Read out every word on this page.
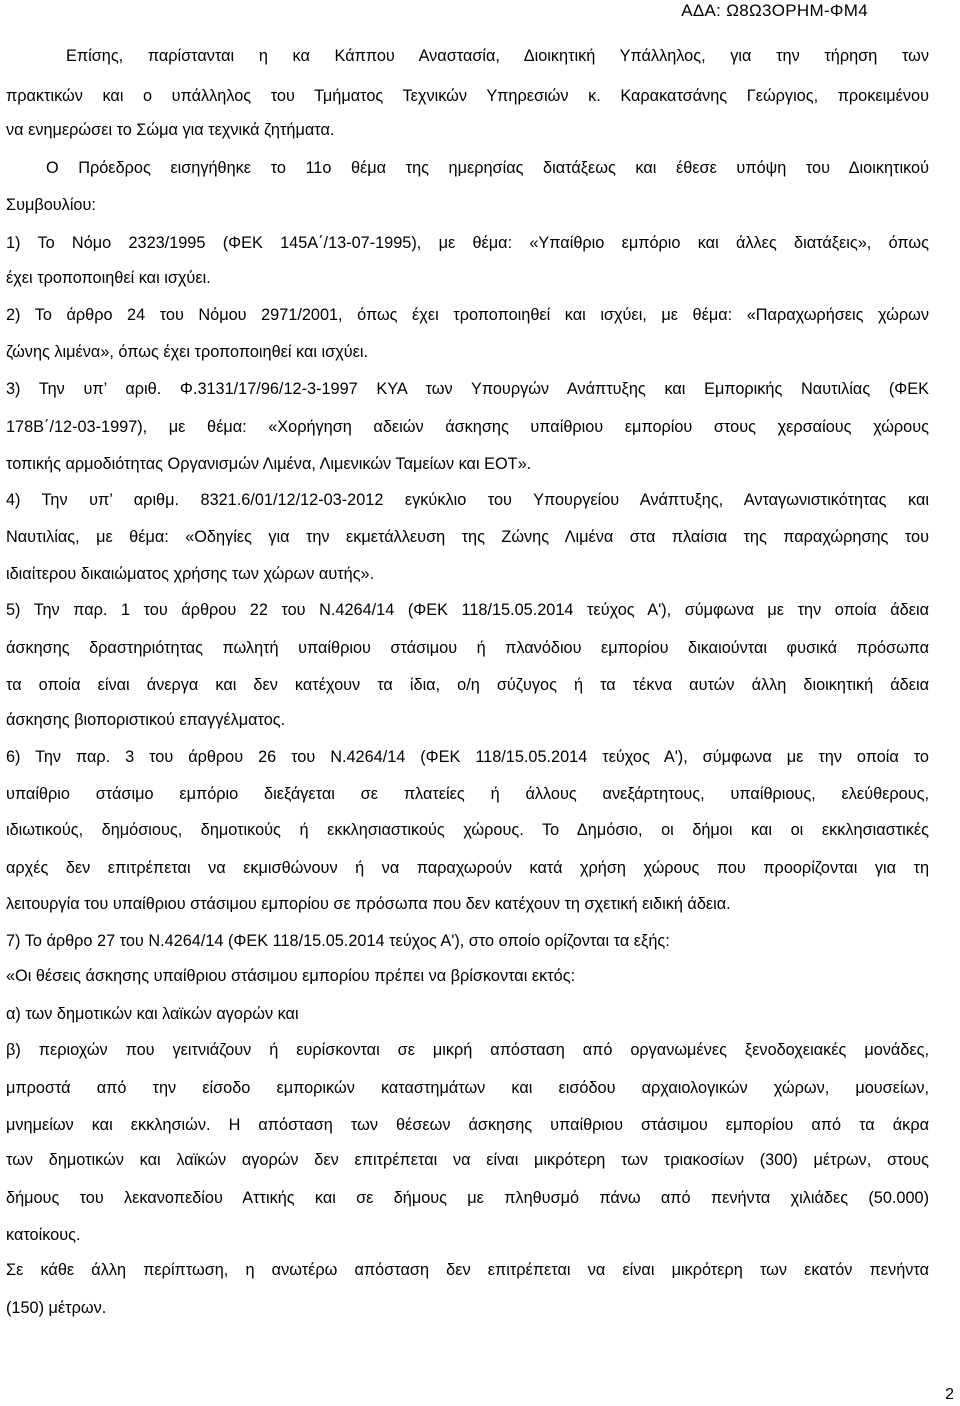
ΑΔΑ: Ω8Ω3ΟΡΗΜ-ΦΜ4
Επίσης, παρίστανται η κα Κάππου Αναστασία, Διοικητική Υπάλληλος, για την τήρηση των
πρακτικών και ο υπάλληλος του Τμήματος Τεχνικών Υπηρεσιών κ. Καρακατσάνης Γεώργιος, προκειμένου
να ενημερώσει το Σώμα για τεχνικά ζητήματα.
Ο Πρόεδρος εισηγήθηκε το 11ο θέμα της ημερησίας διατάξεως και έθεσε υπόψη του Διοικητικού
Συμβουλίου:
1) Το Νόμο 2323/1995 (ΦΕΚ 145Α΄/13-07-1995), με θέμα: «Υπαίθριο εμπόριο και άλλες διατάξεις», όπως
έχει τροποποιηθεί και ισχύει.
2) Το άρθρο 24 του Νόμου 2971/2001, όπως έχει τροποποιηθεί και ισχύει, με θέμα: «Παραχωρήσεις χώρων
ζώνης λιμένα», όπως έχει τροποποιηθεί και ισχύει.
3) Την υπ’ αριθ. Φ.3131/17/96/12-3-1997 ΚΥΑ των Υπουργών Ανάπτυξης και Εμπορικής Ναυτιλίας (ΦΕΚ
178Β΄/12-03-1997), με θέμα: «Χορήγηση αδειών άσκησης υπαίθριου εμπορίου στους χερσαίους χώρους
τοπικής αρμοδιότητας Οργανισμών Λιμένα, Λιμενικών Ταμείων και ΕΟΤ».
4) Την υπ’ αριθμ. 8321.6/01/12/12-03-2012 εγκύκλιο του Υπουργείου Ανάπτυξης, Ανταγωνιστικότητας και
Ναυτιλίας, με θέμα: «Οδηγίες για την εκμετάλλευση της Ζώνης Λιμένα στα πλαίσια της παραχώρησης του
ιδιαίτερου δικαιώματος χρήσης των χώρων αυτής».
5) Την παρ. 1 του άρθρου 22 του Ν.4264/14 (ΦΕΚ 118/15.05.2014 τεύχος Α'), σύμφωνα με την οποία άδεια
άσκησης δραστηριότητας πωλητή υπαίθριου στάσιμου ή πλανόδιου εμπορίου δικαιούνται φυσικά πρόσωπα
τα οποία είναι άνεργα και δεν κατέχουν τα ίδια, ο/η σύζυγος ή τα τέκνα αυτών άλλη διοικητική άδεια
άσκησης βιοποριστικού επαγγέλματος.
6) Την παρ. 3 του άρθρου 26 του Ν.4264/14 (ΦΕΚ 118/15.05.2014 τεύχος Α'), σύμφωνα με την οποία το
υπαίθριο στάσιμο εμπόριο διεξάγεται σε πλατείες ή άλλους ανεξάρτητους, υπαίθριους, ελεύθερους,
ιδιωτικούς, δημόσιους, δημοτικούς ή εκκλησιαστικούς χώρους. Το Δημόσιο, οι δήμοι και οι εκκλησιαστικές
αρχές δεν επιτρέπεται να εκμισθώνουν ή να παραχωρούν κατά χρήση χώρους που προορίζονται για τη
λειτουργία του υπαίθριου στάσιμου εμπορίου σε πρόσωπα που δεν κατέχουν τη σχετική ειδική άδεια.
7) Το άρθρο 27 του Ν.4264/14 (ΦΕΚ 118/15.05.2014 τεύχος Α'), στο οποίο ορίζονται τα εξής:
«Οι θέσεις άσκησης υπαίθριου στάσιμου εμπορίου πρέπει να βρίσκονται εκτός:
α) των δημοτικών και λαϊκών αγορών και
β) περιοχών που γειτνιάζουν ή ευρίσκονται σε μικρή απόσταση από οργανωμένες ξενοδοχειακές μονάδες,
μπροστά από την είσοδο εμπορικών καταστημάτων και εισόδου αρχαιολογικών χώρων, μουσείων,
μνημείων και εκκλησιών. Η απόσταση των θέσεων άσκησης υπαίθριου στάσιμου εμπορίου από τα άκρα
των δημοτικών και λαϊκών αγορών δεν επιτρέπεται να είναι μικρότερη των τριακοσίων (300) μέτρων, στους
δήμους του λεκανοπεδίου Αττικής και σε δήμους με πληθυσμό πάνω από πενήντα χιλιάδες (50.000)
κατοίκους.
Σε κάθε άλλη περίπτωση, η ανωτέρω απόσταση δεν επιτρέπεται να είναι μικρότερη των εκατόν πενήντα
(150) μέτρων.
2
